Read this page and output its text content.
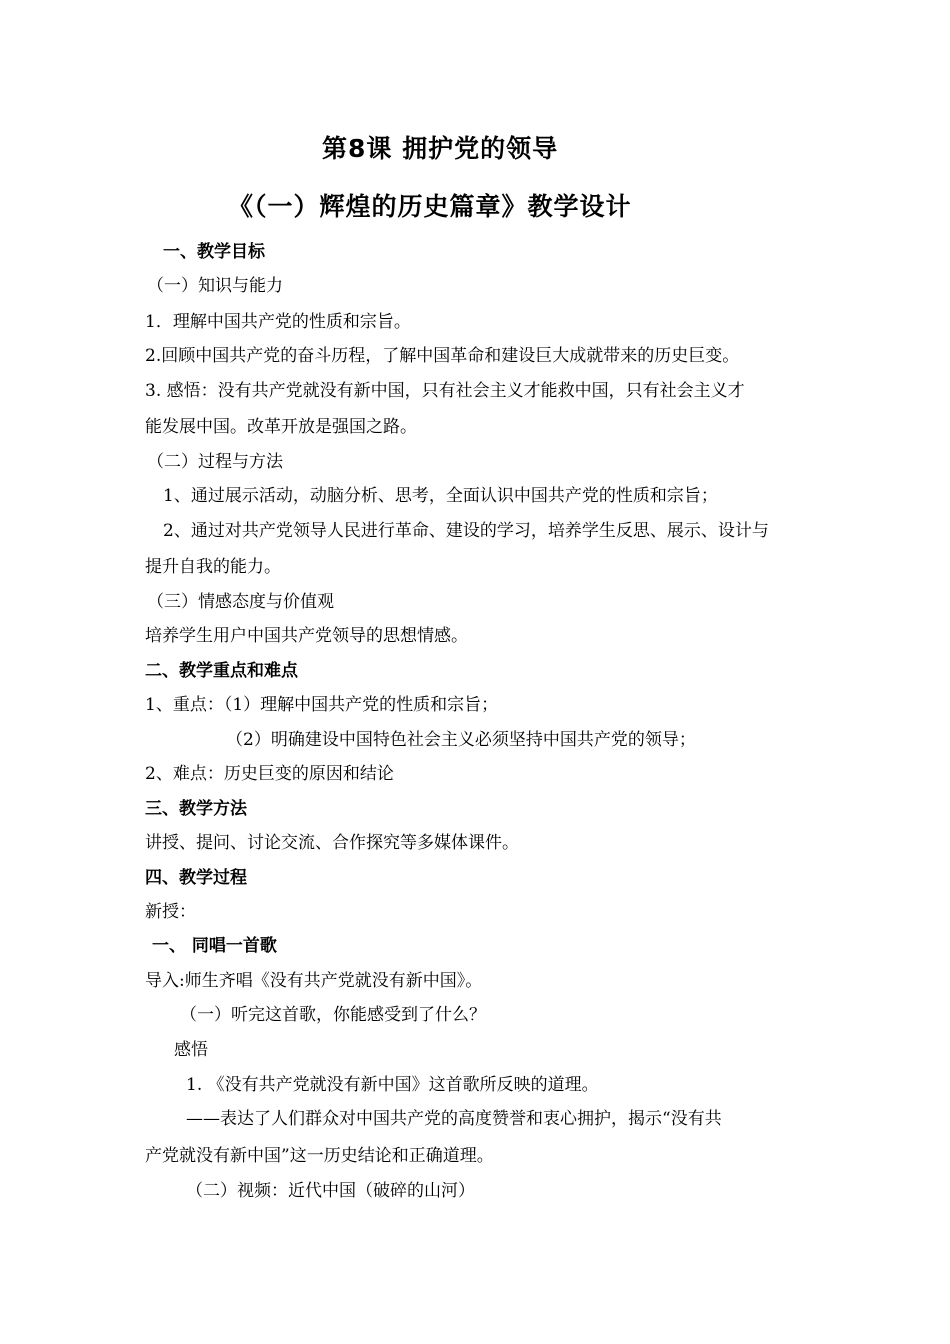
第8课 拥护党的领导
《（一）辉煌的历史篇章》教学设计
一、教学目标
（一）知识与能力
1．理解中国共产党的性质和宗旨。
2.回顾中国共产党的奋斗历程，了解中国革命和建设巨大成就带来的历史巨变。
3. 感悟：没有共产党就没有新中国，只有社会主义才能救中国，只有社会主义才
能发展中国。改革开放是强国之路。
（二）过程与方法
1、通过展示活动，动脑分析、思考，全面认识中国共产党的性质和宗旨；
2、通过对共产党领导人民进行革命、建设的学习，培养学生反思、展示、设计与
提升自我的能力。
（三）情感态度与价值观
培养学生用户中国共产党领导的思想情感。
二、教学重点和难点
1、重点：（1）理解中国共产党的性质和宗旨；
（2）明确建设中国特色社会主义必须坚持中国共产党的领导；
2、难点：历史巨变的原因和结论
三、教学方法
讲授、提问、讨论交流、合作探究等多媒体课件。
四、教学过程
新授：
一、 同唱一首歌
导入:师生齐唱《没有共产党就没有新中国》。
（一）听完这首歌，你能感受到了什么？
感悟
1. 《没有共产党就没有新中国》这首歌所反映的道理。
——表达了人们群众对中国共产党的高度赞誉和衷心拥护，揭示“没有共
产党就没有新中国”这一历史结论和正确道理。
（二）视频：近代中国（破碎的山河）
